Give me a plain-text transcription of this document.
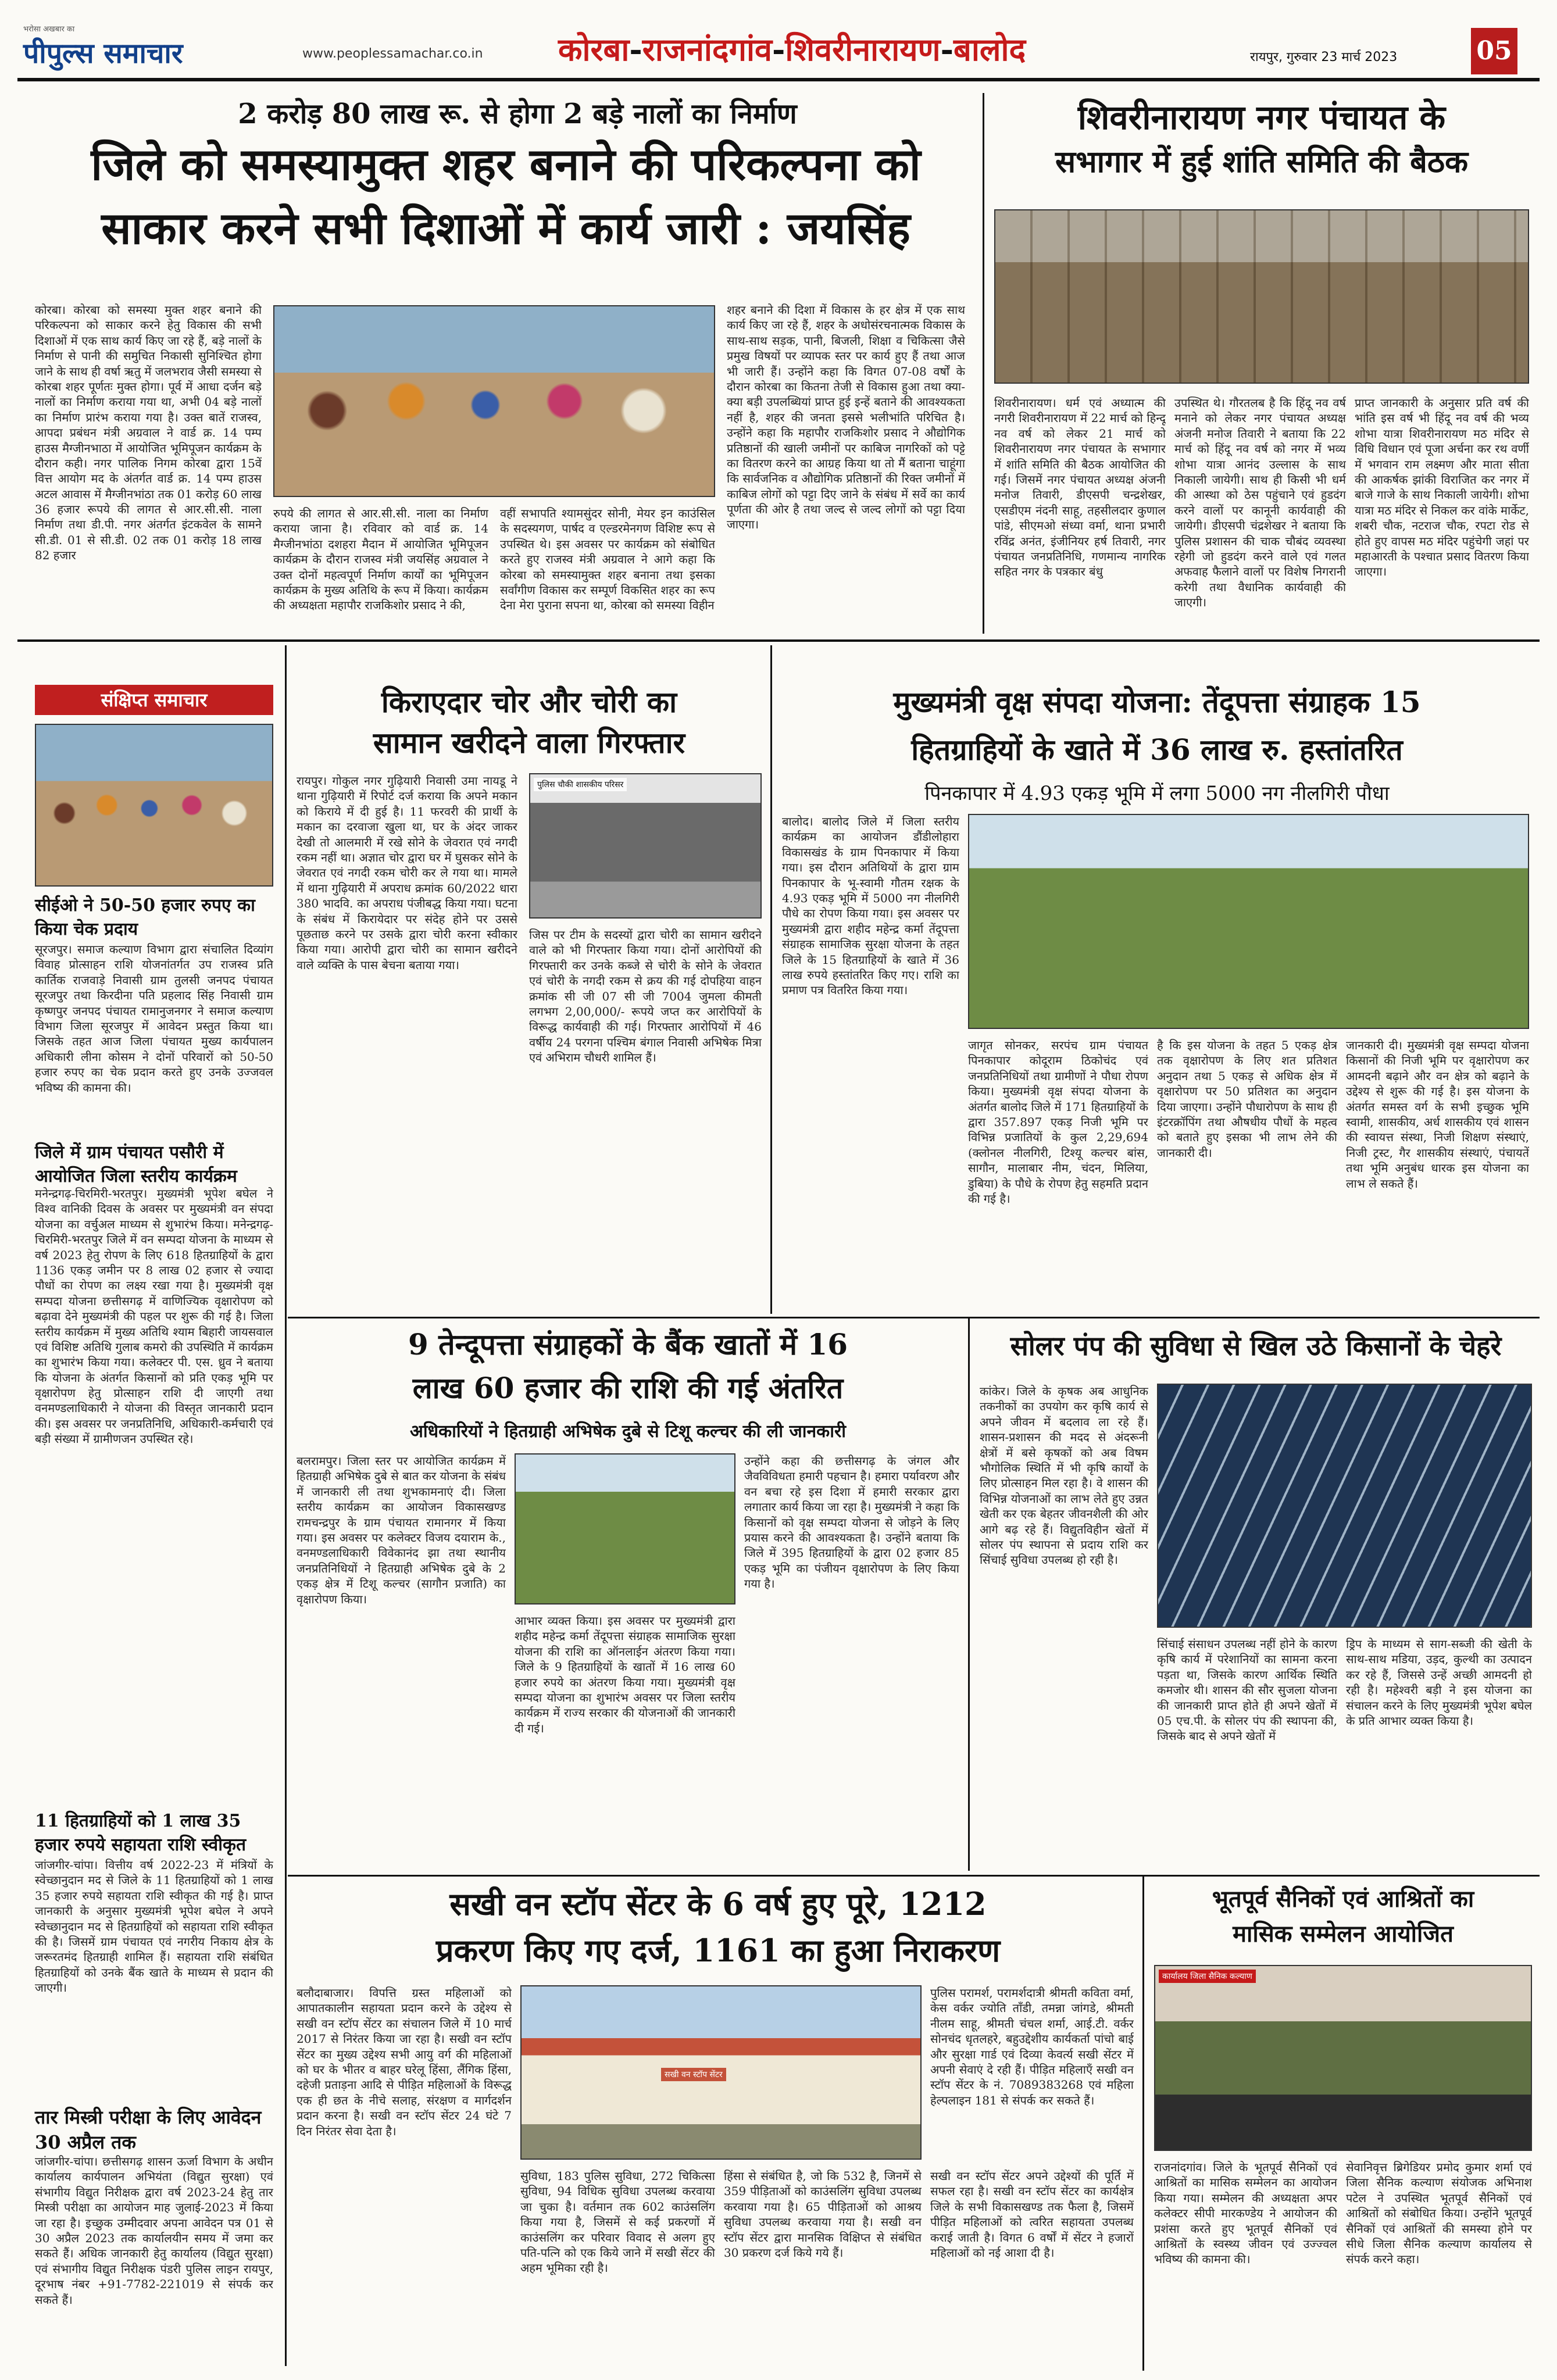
भरोसा अखबार का
पीपुल्स समाचार	www.peoplessamachar.co.in कोरबा-राजनांदगांव-शिवरीनारायण-बालोद	रायपुर, गुरुवार 23 मार्च 2023	05
2 करोड़ 80 लाख रू. से होगा 2 बड़े नालों का निर्माण
जिले को समस्यामुक्त शहर बनाने की परिकल्पना को
साकार करने सभी दिशाओं में कार्य जारी : जयसिंह
कोरबा। कोरबा को समस्या मुक्त शहर बनाने की परिकल्पना को साकार करने हेतु विकास की सभी दिशाओं में एक साथ कार्य किए जा रहे हैं, बड़े नालों के निर्माण से पानी की समुचित निकासी सुनिश्चित होगा जाने के साथ ही वर्षा ऋतु में जलभराव जैसी समस्या से कोरबा शहर पूर्णतः मुक्त होगा। पूर्व में आधा दर्जन बड़े नालों का निर्माण कराया गया था, अभी 04 बड़े नालों का निर्माण प्रारंभ कराया गया है। उक्त बातें राजस्व, आपदा प्रबंधन मंत्री अग्रवाल ने वार्ड क्र. 14 पम्प हाउस मैग्जीनभाठा में आयोजित भूमिपूजन कार्यक्रम के दौरान कही। नगर पालिक निगम कोरबा द्वारा 15वें वित्त आयोग मद के अंतर्गत वार्ड क्र. 14 पम्प हाउस अटल आवास में मैग्जीनभांठा तक 01 करोड़ 60 लाख 36 हजार रूपये की लागत से आर.सी.सी. नाला निर्माण तथा डी.पी. नगर अंतर्गत इंटकवेल के सामने सी.डी. 01 से सी.डी. 02 तक 01 करोड़ 18 लाख 82 हजार
रुपये की लागत से आर.सी.सी. नाला का निर्माण कराया जाना है। रविवार को वार्ड क्र. 14 मैग्जीनभांठा दशहरा मैदान में आयोजित भूमिपूजन कार्यक्रम के दौरान राजस्व मंत्री जयसिंह अग्रवाल ने उक्त दोनों महत्वपूर्ण निर्माण कार्यों का भूमिपूजन कार्यक्रम के मुख्य अतिथि के रूप में किया। कार्यक्रम की अध्यक्षता महापौर राजकिशोर प्रसाद ने की,
वहीं सभापति श्यामसुंदर सोनी, मेयर इन काउंसिल के सदस्यगण, पार्षद व एल्डरमेनगण विशिष्ट रूप से उपस्थित थे। इस अवसर पर कार्यक्रम को संबोधित करते हुए राजस्व मंत्री अग्रवाल ने आगे कहा कि कोरबा को समस्यामुक्त शहर बनाना तथा इसका सर्वांगीण विकास कर सम्पूर्ण विकसित शहर का रूप देना मेरा पुराना सपना था, कोरबा को समस्या विहीन
शहर बनाने की दिशा में विकास के हर क्षेत्र में एक साथ कार्य किए जा रहे हैं, शहर के अधोसंरचनात्मक विकास के साथ-साथ सड़क, पानी, बिजली, शिक्षा व चिकित्सा जैसे प्रमुख विषयों पर व्यापक स्तर पर कार्य हुए हैं तथा आज भी जारी हैं। उन्होंने कहा कि विगत 07-08 वर्षों के दौरान कोरबा का कितना तेजी से विकास हुआ तथा क्या-क्या बड़ी उपलब्धियां प्राप्त हुई इन्हें बताने की आवश्यकता नहीं है, शहर की जनता इससे भलीभांति परिचित है। उन्होंने कहा कि महापौर राजकिशोर प्रसाद ने औद्योगिक प्रतिष्ठानों की खाली जमीनों पर काबिज नागरिकों को पट्टे का वितरण करने का आग्रह किया था तो मैं बताना चाहूंगा कि सार्वजनिक व औद्योगिक प्रतिष्ठानों की रिक्त जमीनों में काबिज लोगों को पट्टा दिए जाने के संबंध में सर्वे का कार्य पूर्णता की ओर है तथा जल्द से जल्द लोगों को पट्टा दिया जाएगा।
शिवरीनारायण नगर पंचायत के
सभागार में हुई शांति समिति की बैठक
शिवरीनारायण। धर्म एवं अध्यात्म की नगरी शिवरीनारायण में 22 मार्च को हिन्दू नव वर्ष को लेकर 21 मार्च को शिवरीनारायण नगर पंचायत के सभागार में शांति समिति की बैठक आयोजित की गई। जिसमें नगर पंचायत अध्यक्ष अंजनी मनोज तिवारी, डीएसपी चन्द्रशेखर, एसडीएम नंदनी साहू, तहसीलदार कुणाल पांडे, सीएमओ संध्या वर्मा, थाना प्रभारी रविंद्र अनंत, इंजीनियर हर्ष तिवारी, नगर पंचायत जनप्रतिनिधि, गणमान्य नागरिक सहित नगर के पत्रकार बंधु
उपस्थित थे। गौरतलब है कि हिंदू नव वर्ष मनाने को लेकर नगर पंचायत अध्यक्ष अंजनी मनोज तिवारी ने बताया कि 22 मार्च को हिंदू नव वर्ष को नगर में भव्य शोभा यात्रा आनंद उल्लास के साथ निकाली जायेगी। साथ ही किसी भी धर्म की आस्था को ठेस पहुंचाने एवं हुडदंग करने वालों पर कानूनी कार्यवाही की जायेगी। डीएसपी चंद्रशेखर ने बताया कि पुलिस प्रशासन की चाक चौबंद व्यवस्था रहेगी जो हुडदंग करने वाले एवं गलत अफवाह फैलाने वालों पर विशेष निगरानी करेगी तथा वैधानिक कार्यवाही की जाएगी।
प्राप्त जानकारी के अनुसार प्रति वर्ष की भांति इस वर्ष भी हिंदू नव वर्ष की भव्य शोभा यात्रा शिवरीनारायण मठ मंदिर से विधि विधान एवं पूजा अर्चना कर रथ वर्णी में भगवान राम लक्ष्मण और माता सीता की आकर्षक झांकी विराजित कर नगर में बाजे गाजे के साथ निकाली जायेगी। शोभा यात्रा मठ मंदिर से निकल कर वांके मार्केट, शबरी चौक, नटराज चौक, रपटा रोड से होते हुए वापस मठ मंदिर पहुंचेगी जहां पर महाआरती के पश्चात प्रसाद वितरण किया जाएगा।
संक्षिप्त समाचार
सीईओ ने 50-50 हजार रुपए का किया चेक प्रदाय
सूरजपुर। समाज कल्याण विभाग द्वारा संचालित दिव्यांग विवाह प्रोत्साहन राशि योजनांतर्गत उप राजस्व प्रति कार्तिक राजवाड़े निवासी ग्राम तुलसी जनपद पंचायत सूरजपुर तथा किरदीना पति प्रहलाद सिंह निवासी ग्राम कृष्णपुर जनपद पंचायत रामानुजनगर ने समाज कल्याण विभाग जिला सूरजपुर में आवेदन प्रस्तुत किया था। जिसके तहत आज जिला पंचायत मुख्य कार्यपालन अधिकारी लीना कोसम ने दोनों परिवारों को 50-50 हजार रुपए का चेक प्रदान करते हुए उनके उज्जवल भविष्य की कामना की।
जिले में ग्राम पंचायत पसौरी में आयोजित जिला स्तरीय कार्यक्रम
मनेन्द्रगढ़-चिरमिरी-भरतपुर। मुख्यमंत्री भूपेश बघेल ने विश्व वानिकी दिवस के अवसर पर मुख्यमंत्री वन संपदा योजना का वर्चुअल माध्यम से शुभारंभ किया। मनेन्द्रगढ़-चिरमिरी-भरतपुर जिले में वन सम्पदा योजना के माध्यम से वर्ष 2023 हेतु रोपण के लिए 618 हितग्राहियों के द्वारा 1136 एकड़ जमीन पर 8 लाख 02 हजार से ज्यादा पौधों का रोपण का लक्ष्य रखा गया है। मुख्यमंत्री वृक्ष सम्पदा योजना छत्तीसगढ़ में वाणिज्यिक वृक्षारोपण को बढ़ावा देने मुख्यमंत्री की पहल पर शुरू की गई है। जिला स्तरीय कार्यक्रम में मुख्य अतिथि श्याम बिहारी जायसवाल एवं विशिष्ट अतिथि गुलाब कमरो की उपस्थिति में कार्यक्रम का शुभारंभ किया गया। कलेक्टर पी. एस. ध्रुव ने बताया कि योजना के अंतर्गत किसानों को प्रति एकड़ भूमि पर वृक्षारोपण हेतु प्रोत्साहन राशि दी जाएगी तथा वनमण्डलाधिकारी ने योजना की विस्तृत जानकारी प्रदान की। इस अवसर पर जनप्रतिनिधि, अधिकारी-कर्मचारी एवं बड़ी संख्या में ग्रामीणजन उपस्थित रहे।
11 हितग्राहियों को 1 लाख 35 हजार रुपये सहायता राशि स्वीकृत
जांजगीर-चांपा। वित्तीय वर्ष 2022-23 में मंत्रियों के स्वेच्छानुदान मद से जिले के 11 हितग्राहियों को 1 लाख 35 हजार रुपये सहायता राशि स्वीकृत की गई है। प्राप्त जानकारी के अनुसार मुख्यमंत्री भूपेश बघेल ने अपने स्वेच्छानुदान मद से हितग्राहियों को सहायता राशि स्वीकृत की है। जिसमें ग्राम पंचायत एवं नगरीय निकाय क्षेत्र के जरूरतमंद हितग्राही शामिल हैं। सहायता राशि संबंधित हितग्राहियों को उनके बैंक खाते के माध्यम से प्रदान की जाएगी।
तार मिस्त्री परीक्षा के लिए आवेदन 30 अप्रैल तक
जांजगीर-चांपा। छत्तीसगढ़ शासन ऊर्जा विभाग के अधीन कार्यालय कार्यपालन अभियंता (विद्युत सुरक्षा) एवं संभागीय विद्युत निरीक्षक द्वारा वर्ष 2023-24 हेतु तार मिस्त्री परीक्षा का आयोजन माह जुलाई-2023 में किया जा रहा है। इच्छुक उम्मीदवार अपना आवेदन पत्र 01 से 30 अप्रैल 2023 तक कार्यालयीन समय में जमा कर सकते हैं। अधिक जानकारी हेतु कार्यालय (विद्युत सुरक्षा) एवं संभागीय विद्युत निरीक्षक पंडरी पुलिस लाइन रायपुर, दूरभाष नंबर +91-7782-221019 से संपर्क कर सकते हैं।
किराएदार चोर और चोरी का
सामान खरीदने वाला गिरफ्तार
रायपुर। गोकुल नगर गुढ़ियारी निवासी उमा नायडू ने थाना गुढ़ियारी में रिपोर्ट दर्ज कराया कि अपने मकान को किराये में दी हुई है। 11 फरवरी की प्रार्थी के मकान का दरवाजा खुला था, घर के अंदर जाकर देखी तो आलमारी में रखे सोने के जेवरात एवं नगदी रकम नहीं था। अज्ञात चोर द्वारा घर में घुसकर सोने के जेवरात एवं नगदी रकम चोरी कर ले गया था। मामले में थाना गुढ़ियारी में अपराध क्रमांक 60/2022 धारा 380 भादवि. का अपराध पंजीबद्ध किया गया। घटना के संबंध में किरायेदार पर संदेह होने पर उससे पूछताछ करने पर उसके द्वारा चोरी करना स्वीकार किया गया। आरोपी द्वारा चोरी का सामान खरीदने वाले व्यक्ति के पास बेचना बताया गया।
पुलिस चौकी शासकीय परिसर
जिस पर टीम के सदस्यों द्वारा चोरी का सामान खरीदने वाले को भी गिरफ्तार किया गया। दोनों आरोपियों की गिरफ्तारी कर उनके कब्जे से चोरी के सोने के जेवरात एवं चोरी के नगदी रकम से क्रय की गई दोपहिया वाहन क्रमांक सी जी 07 सी जी 7004 जुमला कीमती लगभग 2,00,000/- रूपये जप्त कर आरोपियों के विरूद्ध कार्यवाही की गई। गिरफ्तार आरोपियों में 46 वर्षीय 24 परगना पश्चिम बंगाल निवासी अभिषेक मित्रा एवं अभिराम चौधरी शामिल हैं।
मुख्यमंत्री वृक्ष संपदा योजना: तेंदूपत्ता संग्राहक 15
हितग्राहियों के खाते में 36 लाख रु. हस्तांतरित
पिनकापार में 4.93 एकड़ भूमि में लगा 5000 नग नीलगिरी पौधा
बालोद। बालोद जिले में जिला स्तरीय कार्यक्रम का आयोजन डौंडीलोहारा विकासखंड के ग्राम पिनकापार में किया गया। इस दौरान अतिथियों के द्वारा ग्राम पिनकापार के भू-स्वामी गौतम रक्षक के 4.93 एकड़ भूमि में 5000 नग नीलगिरी पौधे का रोपण किया गया। इस अवसर पर मुख्यमंत्री द्वारा शहीद महेन्द्र कर्मा तेंदूपत्ता संग्राहक सामाजिक सुरक्षा योजना के तहत जिले के 15 हितग्राहियों के खाते में 36 लाख रुपये हस्तांतरित किए गए। राशि का प्रमाण पत्र वितरित किया गया।
जागृत सोनकर, सरपंच ग्राम पंचायत पिनकापार कोदूराम ठिकोचंद एवं जनप्रतिनिधियों तथा ग्रामीणों ने पौधा रोपण किया। मुख्यमंत्री वृक्ष संपदा योजना के अंतर्गत बालोद जिले में 171 हितग्राहियों के द्वारा 357.897 एकड़ निजी भूमि पर विभिन्न प्रजातियों के कुल 2,29,694 (क्लोनल नीलगिरी, टिश्यू कल्चर बांस, सागौन, मालाबार नीम, चंदन, मिलिया, डुबिया) के पौधे के रोपण हेतु सहमति प्रदान की गई है।
है कि इस योजना के तहत 5 एकड़ क्षेत्र तक वृक्षारोपण के लिए शत प्रतिशत अनुदान तथा 5 एकड़ से अधिक क्षेत्र में वृक्षारोपण पर 50 प्रतिशत का अनुदान दिया जाएगा। उन्होंने पौधारोपण के साथ ही इंटरक्रॉपिंग तथा औषधीय पौधों के महत्व को बताते हुए इसका भी लाभ लेने की जानकारी दी।
जानकारी दी। मुख्यमंत्री वृक्ष सम्पदा योजना किसानों की निजी भूमि पर वृक्षारोपण कर आमदनी बढ़ाने और वन क्षेत्र को बढ़ाने के उद्देश्य से शुरू की गई है। इस योजना के अंतर्गत समस्त वर्ग के सभी इच्छुक भूमि स्वामी, शासकीय, अर्ध शासकीय एवं शासन की स्वायत्त संस्था, निजी शिक्षण संस्थाएं, निजी ट्रस्ट, गैर शासकीय संस्थाएं, पंचायतें तथा भूमि अनुबंध धारक इस योजना का लाभ ले सकते हैं।
9 तेन्दूपत्ता संग्राहकों के बैंक खातों में 16
लाख 60 हजार की राशि की गई अंतरित
अधिकारियों ने हितग्राही अभिषेक दुबे से टिशू कल्चर की ली जानकारी
बलरामपुर। जिला स्तर पर आयोजित कार्यक्रम में हितग्राही अभिषेक दुबे से बात कर योजना के संबंध में जानकारी ली तथा शुभकामनाएं दी। जिला स्तरीय कार्यक्रम का आयोजन विकासखण्ड रामचन्द्रपुर के ग्राम पंचायत रामानगर में किया गया। इस अवसर पर कलेक्टर विजय दयाराम के., वनमण्डलाधिकारी विवेकानंद झा तथा स्थानीय जनप्रतिनिधियों ने हितग्राही अभिषेक दुबे के 2 एकड़ क्षेत्र में टिशू कल्चर (सागौन प्रजाति) का वृक्षारोपण किया।
आभार व्यक्त किया। इस अवसर पर मुख्यमंत्री द्वारा शहीद महेन्द्र कर्मा तेंदूपत्ता संग्राहक सामाजिक सुरक्षा योजना की राशि का ऑनलाईन अंतरण किया गया। जिले के 9 हितग्राहियों के खातों में 16 लाख 60 हजार रुपये का अंतरण किया गया। मुख्यमंत्री वृक्ष सम्पदा योजना का शुभारंभ अवसर पर जिला स्तरीय कार्यक्रम में राज्य सरकार की योजनाओं की जानकारी दी गई।
उन्होंने कहा की छत्तीसगढ़ के जंगल और जैवविविधता हमारी पहचान है। हमारा पर्यावरण और वन बचा रहे इस दिशा में हमारी सरकार द्वारा लगातार कार्य किया जा रहा है। मुख्यमंत्री ने कहा कि किसानों को वृक्ष सम्पदा योजना से जोड़ने के लिए प्रयास करने की आवश्यकता है। उन्होंने बताया कि जिले में 395 हितग्राहियों के द्वारा 02 हजार 85 एकड़ भूमि का पंजीयन वृक्षारोपण के लिए किया गया है।
सोलर पंप की सुविधा से खिल उठे किसानों के चेहरे
कांकेर। जिले के कृषक अब आधुनिक तकनीकों का उपयोग कर कृषि कार्य से अपने जीवन में बदलाव ला रहे हैं। शासन-प्रशासन की मदद से अंदरूनी क्षेत्रों में बसे कृषकों को अब विषम भौगोलिक स्थिति में भी कृषि कार्यों के लिए प्रोत्साहन मिल रहा है। वे शासन की विभिन्न योजनाओं का लाभ लेते हुए उन्नत खेती कर एक बेहतर जीवनशैली की ओर आगे बढ़ रहे हैं। विद्युतविहीन खेतों में सोलर पंप स्थापना से प्रदाय राशि कर सिंचाई सुविधा उपलब्ध हो रही है।
सिंचाई संसाधन उपलब्ध नहीं होने के कारण कृषि कार्य में परेशानियों का सामना करना पड़ता था, जिसके कारण आर्थिक स्थिति कमजोर थी। शासन की सौर सुजला योजना की जानकारी प्राप्त होते ही अपने खेतों में 05 एच.पी. के सोलर पंप की स्थापना की, जिसके बाद से अपने खेतों में
ड्रिप के माध्यम से साग-सब्जी की खेती के साथ-साथ मडिया, उड़द, कुल्थी का उत्पादन कर रहे हैं, जिससे उन्हें अच्छी आमदनी हो रही है। महेश्वरी बड़ी ने इस योजना का संचालन करने के लिए मुख्यमंत्री भूपेश बघेल के प्रति आभार व्यक्त किया है।
सखी वन स्टॉप सेंटर के 6 वर्ष हुए पूरे, 1212
प्रकरण किए गए दर्ज, 1161 का हुआ निराकरण
बलौदाबाजार। विपत्ति ग्रस्त महिलाओं को आपातकालीन सहायता प्रदान करने के उद्देश्य से सखी वन स्टॉप सेंटर का संचालन जिले में 10 मार्च 2017 से निरंतर किया जा रहा है। सखी वन स्टॉप सेंटर का मुख्य उद्देश्य सभी आयु वर्ग की महिलाओं को घर के भीतर व बाहर घरेलू हिंसा, लैंगिक हिंसा, दहेजी प्रताड़ना आदि से पीड़ित महिलाओं के विरूद्ध एक ही छत के नीचे सलाह, संरक्षण व मार्गदर्शन प्रदान करना है। सखी वन स्टॉप सेंटर 24 घंटे 7 दिन निरंतर सेवा देता है।
सखी वन स्टॉप सेंटर
सुविधा, 183 पुलिस सुविधा, 272 चिकित्सा सुविधा, 94 विधिक सुविधा उपलब्ध करवाया जा चुका है। वर्तमान तक 602 काउंसलिंग किया गया है, जिसमें से कई प्रकरणों में काउंसलिंग कर परिवार विवाद से अलग हुए पति-पत्नि को एक किये जाने में सखी सेंटर की अहम भूमिका रही है।
हिंसा से संबंधित है, जो कि 532 है, जिनमें से 359 पीड़िताओं को काउंसलिंग सुविधा उपलब्ध करवाया गया है। 65 पीड़िताओं को आश्रय सुविधा उपलब्ध करवाया गया है। सखी वन स्टॉप सेंटर द्वारा मानसिक विक्षिप्त से संबंधित 30 प्रकरण दर्ज किये गये हैं।
पुलिस परामर्श, परामर्शदात्री श्रीमती कविता वर्मा, केस वर्कर ज्योति ताँडी, तमन्ना जांगडे, श्रीमती नीलम साहू, श्रीमती चंचल शर्मा, आई.टी. वर्कर सोनचंद धृतलहरे, बहुउद्देशीय कार्यकर्ता पांचो बाई और सुरक्षा गार्ड एवं दिव्या केवर्त्य सखी सेंटर में अपनी सेवाएं दे रही हैं। पीड़ित महिलाएँ सखी वन स्टॉप सेंटर के नं. 7089383268 एवं महिला हेल्पलाइन 181 से संपर्क कर सकते हैं।
सखी वन स्टॉप सेंटर अपने उद्देश्यों की पूर्ति में सफल रहा है। सखी वन स्टॉप सेंटर का कार्यक्षेत्र जिले के सभी विकासखण्ड तक फैला है, जिसमें पीड़ित महिलाओं को त्वरित सहायता उपलब्ध कराई जाती है। विगत 6 वर्षों में सेंटर ने हजारों महिलाओं को नई आशा दी है।
भूतपूर्व सैनिकों एवं आश्रितों का
मासिक सम्मेलन आयोजित
कार्यालय जिला सैनिक कल्याण
राजनांदगांव। जिले के भूतपूर्व सैनिकों एवं आश्रितों का मासिक सम्मेलन का आयोजन किया गया। सम्मेलन की अध्यक्षता अपर कलेक्टर सीपी मारकण्डेय ने आयोजन की प्रशंसा करते हुए भूतपूर्व सैनिकों एवं आश्रितों के स्वस्थ्य जीवन एवं उज्ज्वल भविष्य की कामना की।
सेवानिवृत्त ब्रिगेडियर प्रमोद कुमार शर्मा एवं जिला सैनिक कल्याण संयोजक अभिनाश पटेल ने उपस्थित भूतपूर्व सैनिकों एवं आश्रितों को संबोधित किया। उन्होंने भूतपूर्व सैनिकों एवं आश्रितों की समस्या होने पर सीधे जिला सैनिक कल्याण कार्यालय से संपर्क करने कहा।
